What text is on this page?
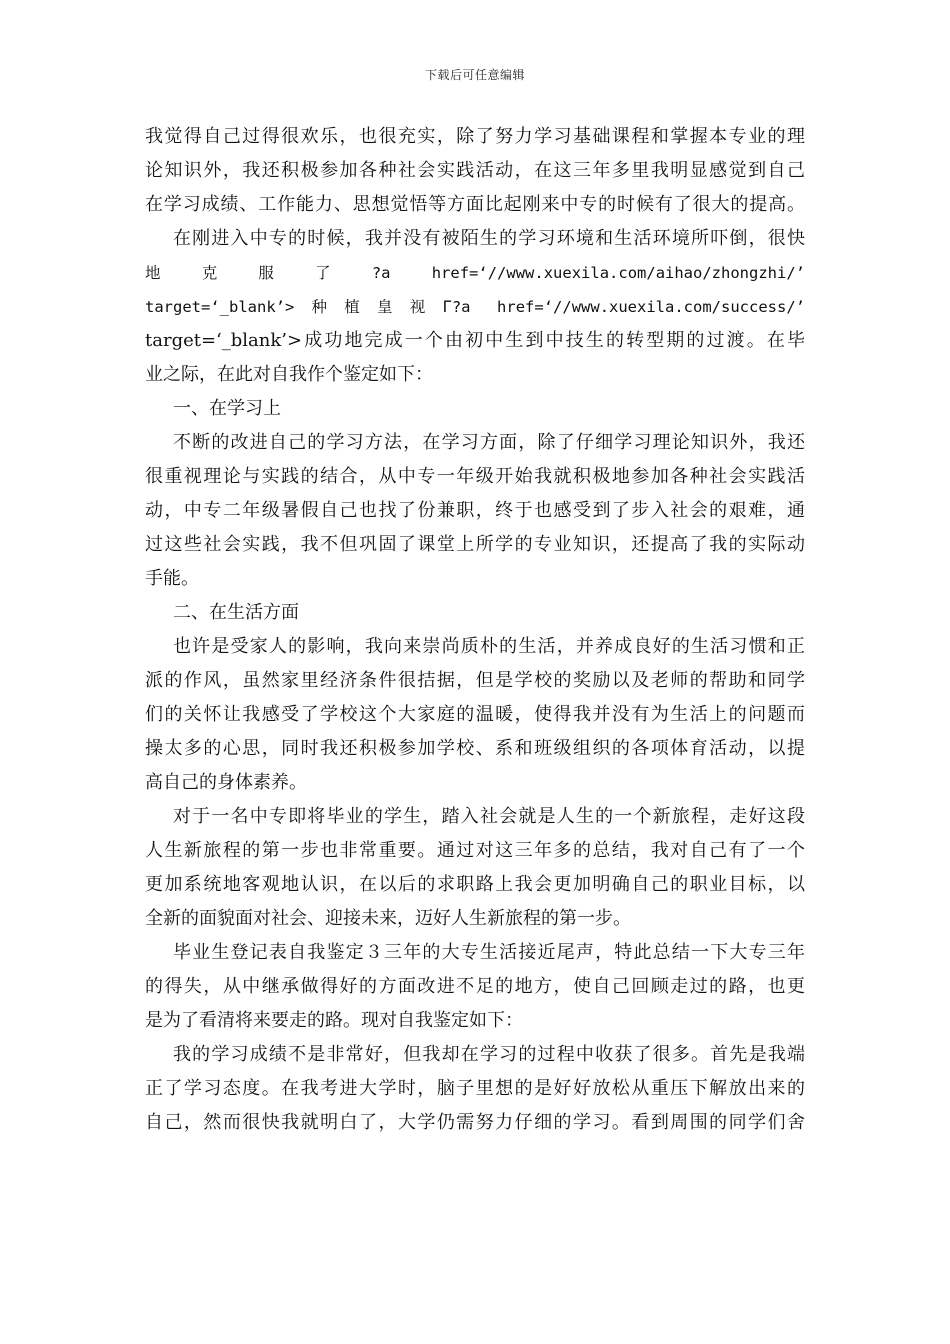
下载后可任意编辑
我觉得自己过得很欢乐，也很充实，除了努力学习基础课程和掌握本专业的理
论知识外，我还积极参加各种社会实践活动，在这三年多里我明显感觉到自己
在学习成绩、工作能力、思想觉悟等方面比起刚来中专的时候有了很大的提高。
在刚进入中专的时候，我并没有被陌生的学习环境和生活环境所吓倒，很快
地　克　服　了　?a　href=‘//www.xuexila.com/aihao/zhongzhi/’
target=‘_blank’>种植皇视Γ?a href=‘//www.xuexila.com/success/’
target=‘_blank’>成功地完成一个由初中生到中技生的转型期的过渡。在毕
业之际，在此对自我作个鉴定如下：
一、在学习上
不断的改进自己的学习方法，在学习方面，除了仔细学习理论知识外，我还
很重视理论与实践的结合，从中专一年级开始我就积极地参加各种社会实践活
动，中专二年级暑假自己也找了份兼职，终于也感受到了步入社会的艰难，通
过这些社会实践，我不但巩固了课堂上所学的专业知识，还提高了我的实际动
手能。
二、在生活方面
也许是受家人的影响，我向来崇尚质朴的生活，并养成良好的生活习惯和正
派的作风，虽然家里经济条件很拮据，但是学校的奖励以及老师的帮助和同学
们的关怀让我感受了学校这个大家庭的温暖，使得我并没有为生活上的问题而
操太多的心思，同时我还积极参加学校、系和班级组织的各项体育活动，以提
高自己的身体素养。
对于一名中专即将毕业的学生，踏入社会就是人生的一个新旅程，走好这段
人生新旅程的第一步也非常重要。通过对这三年多的总结，我对自己有了一个
更加系统地客观地认识，在以后的求职路上我会更加明确自己的职业目标，以
全新的面貌面对社会、迎接未来，迈好人生新旅程的第一步。
毕业生登记表自我鉴定３三年的大专生活接近尾声，特此总结一下大专三年
的得失，从中继承做得好的方面改进不足的地方，使自己回顾走过的路，也更
是为了看清将来要走的路。现对自我鉴定如下：
我的学习成绩不是非常好，但我却在学习的过程中收获了很多。首先是我端
正了学习态度。在我考进大学时，脑子里想的是好好放松从重压下解放出来的
自己，然而很快我就明白了，大学仍需努力仔细的学习。看到周围的同学们舍
